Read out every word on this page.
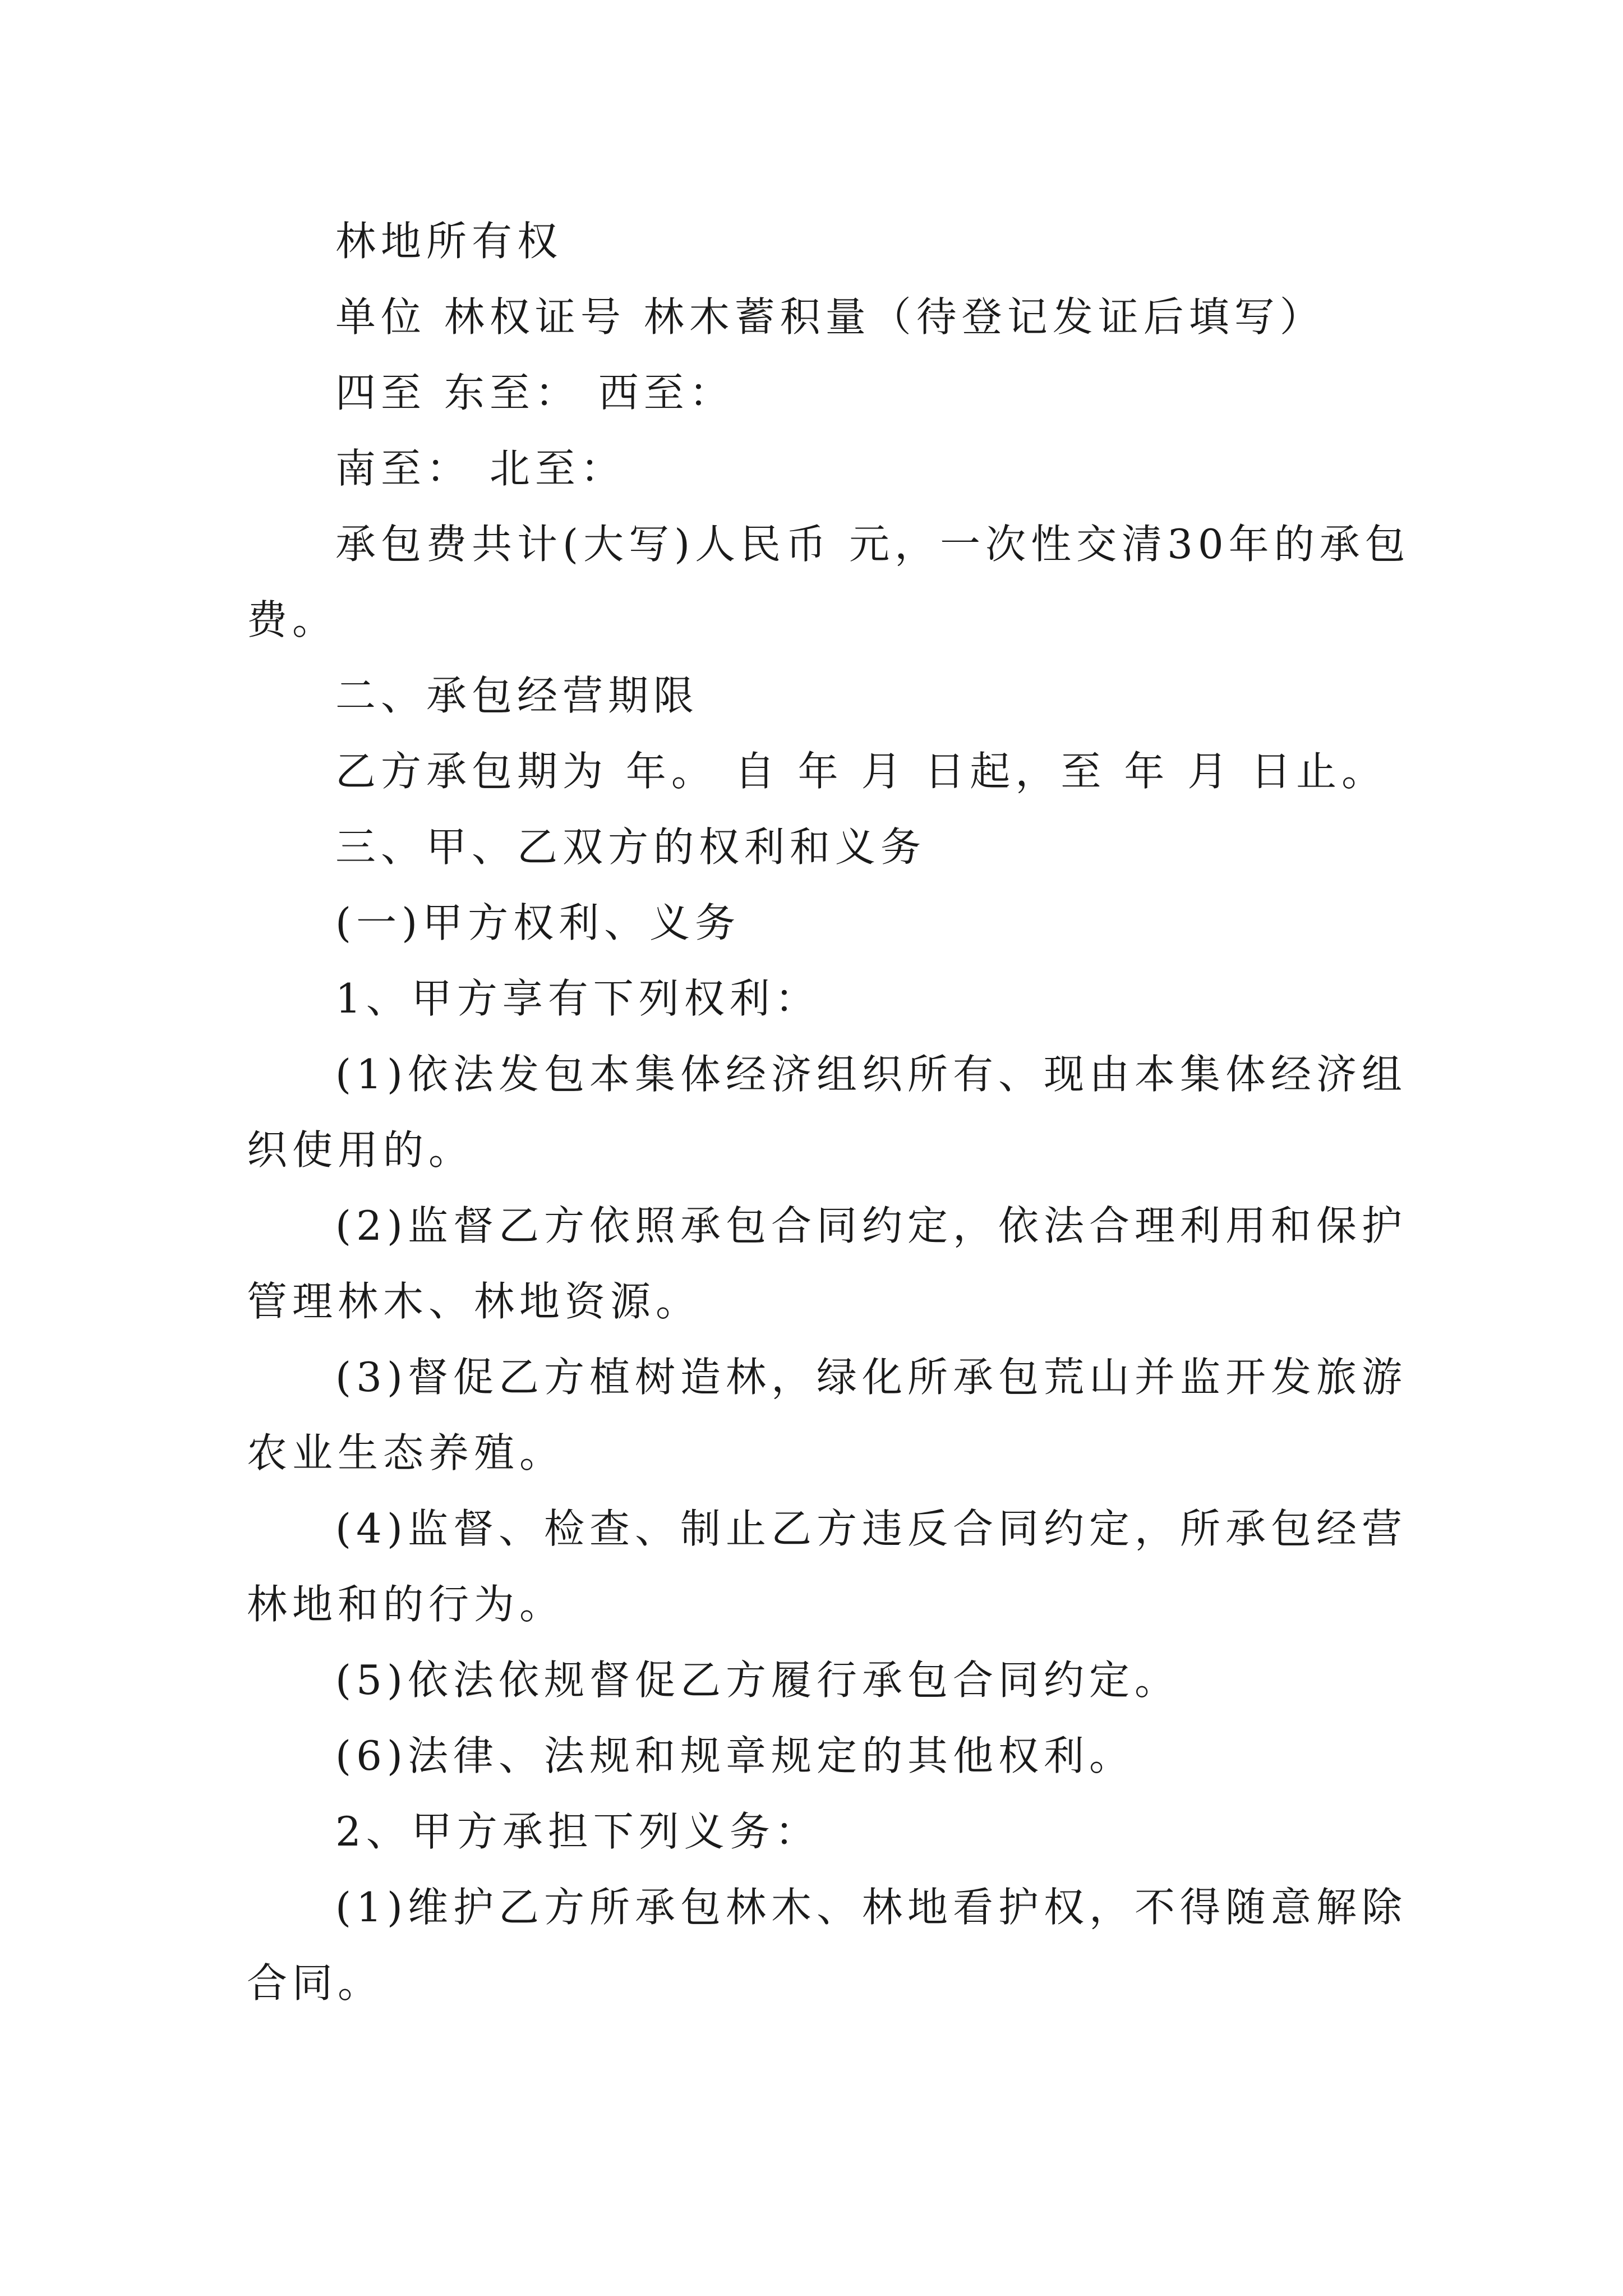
林地所有权
单位 林权证号 林木蓄积量（待登记发证后填写）
四至 东至： 西至：
南至： 北至：
承包费共计(大写)人民币 元，一次性交清30年的承包
费。
二、承包经营期限
乙方承包期为 年。 自 年 月 日起，至 年 月 日止。
三、甲、乙双方的权利和义务
(一)甲方权利、义务
1、甲方享有下列权利：
(1)依法发包本集体经济组织所有、现由本集体经济组
织使用的。
(2)监督乙方依照承包合同约定，依法合理利用和保护
管理林木、林地资源。
(3)督促乙方植树造林，绿化所承包荒山并监开发旅游
农业生态养殖。
(4)监督、检查、制止乙方违反合同约定，所承包经营
林地和的行为。
(5)依法依规督促乙方履行承包合同约定。
(6)法律、法规和规章规定的其他权利。
2、甲方承担下列义务：
(1)维护乙方所承包林木、林地看护权，不得随意解除
合同。
